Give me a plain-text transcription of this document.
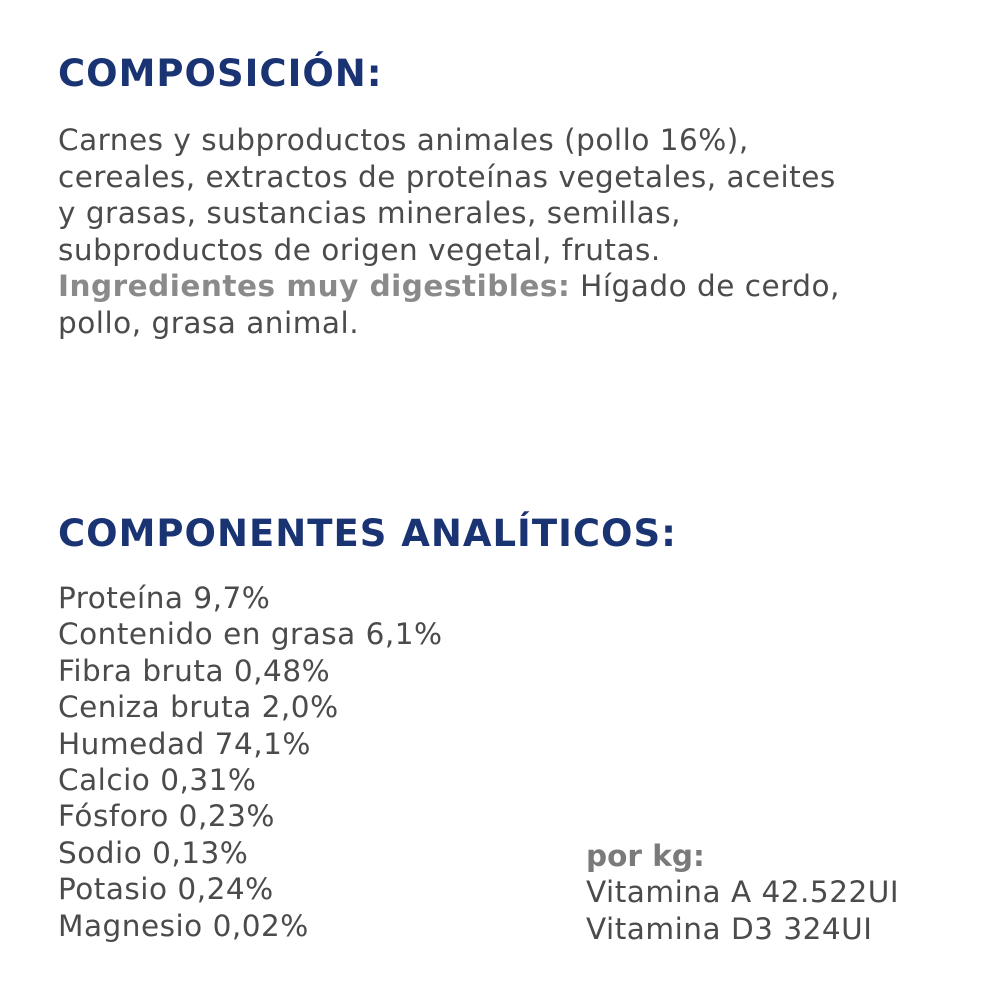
COMPOSICIÓN:
Carnes y subproductos animales (pollo 16%),
cereales, extractos de proteínas vegetales, aceites
y grasas, sustancias minerales, semillas,
subproductos de origen vegetal, frutas.
Ingredientes muy digestibles: Hígado de cerdo,
pollo, grasa animal.
COMPONENTES ANALÍTICOS:
Proteína 9,7%
Contenido en grasa 6,1%
Fibra bruta 0,48%
Ceniza bruta 2,0%
Humedad 74,1%
Calcio 0,31%
Fósforo 0,23%
Sodio 0,13%
Potasio 0,24%
Magnesio 0,02%
por kg:
Vitamina A 42.522UI
Vitamina D3 324UI
